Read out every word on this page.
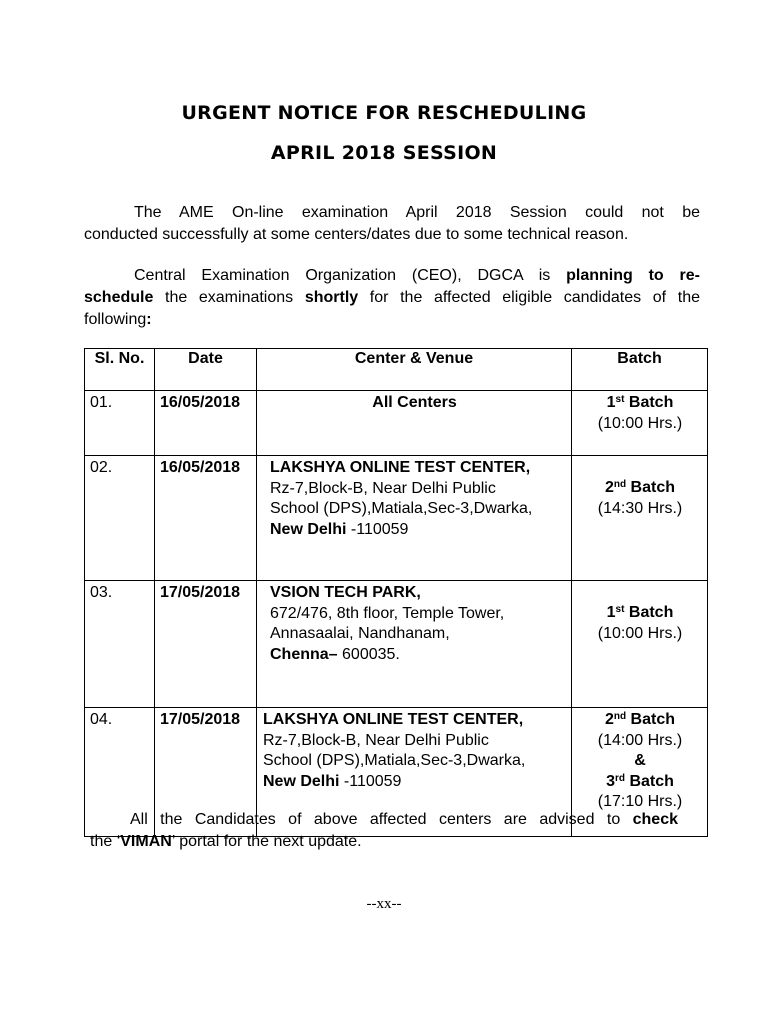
URGENT NOTICE FOR RESCHEDULING
APRIL 2018 SESSION
The AME On-line examination April 2018 Session could not be
conducted successfully at some centers/dates due to some technical reason.
Central Examination Organization (CEO), DGCA is planning to re-
schedule the examinations shortly for the affected eligible candidates of the
following:
Sl. No.	Date	Center & Venue	Batch
01.	16/05/2018	All Centers	1st Batch
(10:00 Hrs.)
02.	16/05/2018	LAKSHYA ONLINE TEST CENTER,
Rz-7,Block-B, Near Delhi Public
School (DPS),Matiala,Sec-3,Dwarka,
New Delhi -110059	2nd Batch
(14:30 Hrs.)
03.	17/05/2018	VSION TECH PARK,
672/476, 8th floor, Temple Tower,
Annasaalai, Nandhanam,
Chenna– 600035.	1st Batch
(10:00 Hrs.)
04.	17/05/2018	LAKSHYA ONLINE TEST CENTER,
Rz-7,Block-B, Near Delhi Public
School (DPS),Matiala,Sec-3,Dwarka,
New Delhi -110059	2nd Batch
(14:00 Hrs.)
&
3rd Batch
(17:10 Hrs.)
All the Candidates of above affected centers are advised to check
the ‘VIMAN’ portal for the next update.
--xx--
